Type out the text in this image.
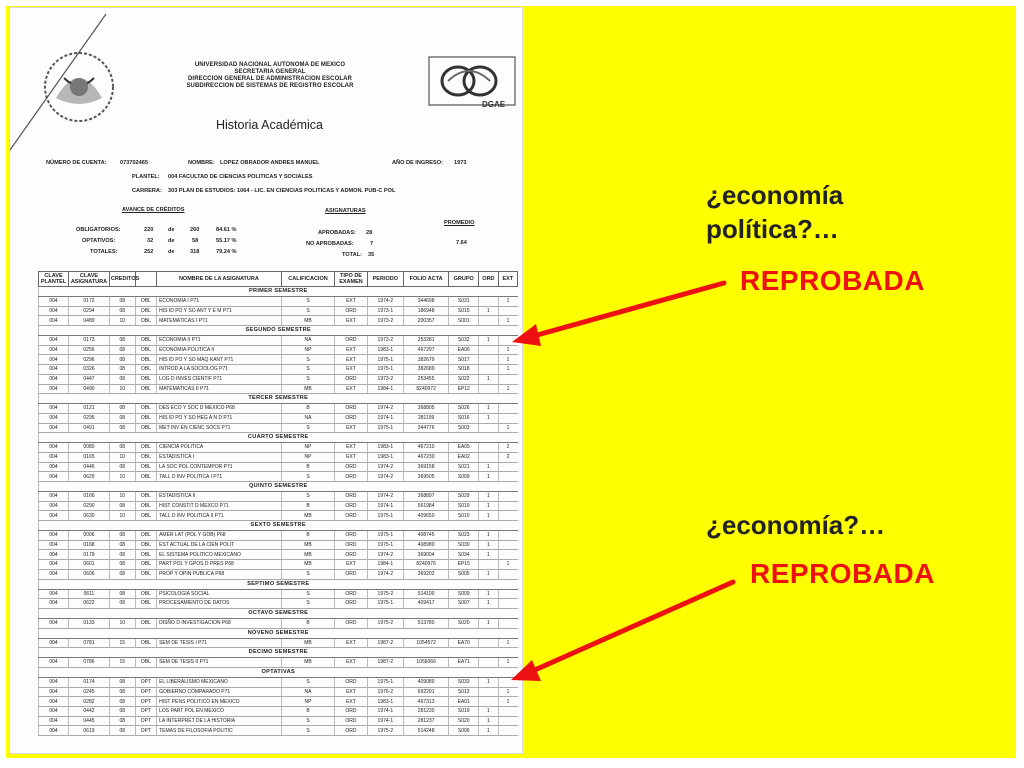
UNIVERSIDAD NACIONAL AUTONOMA DE MEXICO
SECRETARIA GENERAL
DIRECCION GENERAL DE ADMINISTRACION ESCOLAR
SUBDIRECCION DE SISTEMAS DE REGISTRO ESCOLAR
DGAE
Historia Académica
NÚMERO DE CUENTA: 073702465	NOMBRE: LOPEZ OBRADOR ANDRES MANUEL	AÑO DE INGRESO: 1973
PLANTEL: 004 FACULTAD DE CIENCIAS POLITICAS Y SOCIALES
CARRERA: 303 PLAN DE ESTUDIOS: 1064 - LIC. EN CIENCIAS POLITICAS Y ADMON. PUB-C POL
AVANCE DE CRÉDITOS
OBLIGATORIOS:	220	de	260	84.61 %
OPTATIVOS:	32	de	58	55.17 %
TOTALES:	252	de	318	79.24 %
ASIGNATURAS
APROBADAS: 28
NO APROBADAS:	7
TOTAL: 35
PROMEDIO
7.64
CLAVE PLANTEL	CLAVE ASIGNATURA	CREDITOS		NOMBRE DE LA ASIGNATURA	CALIFICACION	TIPO DE EXAMEN	PERIODO	FOLIO ACTA	GRUPO	ORD	EXT
PRIMER SEMESTRE											
004	0172	08	OBL	ECONOMIA I P71	S	EXT	1974-2	344698	S031		1
004	0294	08	OBL	HIS ID PO Y SO ANT Y E M P71	S	ORD	1973-1	186948	S015	1	
004	0489	10	OBL	MATEMATICAS I P71	MB	EXT	1973-2	200357	S001		1
SEGUNDO SEMESTRE											
004	0173	08	OBL	ECONOMIA II P71	NA	ORD	1973-2	253281	S032	1	
004	0256	08	OBL	ECONOMIA POLITICA II	NP	EXT	1983-1	467297	EA06		1
004	0296	08	OBL	HIS ID PO Y SO MAQ KANT P71	S	EXT	1975-1	382679	S017		1
004	0326	08	OBL	INTROD A LA SOCIOLOG P71	S	EXT	1975-1	382689	S018		1
004	0447	08	OBL	LOG D INVES CIENTIF P71	S	ORD	1973-2	253455	S022	1	
004	0490	10	OBL	MATEMATICAS II P71	MB	EXT	1984-1	8240972	EP12		1
TERCER SEMESTRE											
004	0121	08	OBL	DES ECO Y SOC D MEXICO P68	B	ORD	1974-2	368805	S026	1	
004	0295	08	OBL	HIS ID PO Y SO HEG A N D P71	NA	ORD	1974-1	281199	S016	1	
004	0491	08	OBL	MET INV EN CIENC SOCS P71	S	EXT	1975-1	344776	S003		1
CUARTO SEMESTRE											
004	0080	08	OBL	CIENCIA POLITICA	NP	EXT	1983-1	467210	EA05		2
004	0165	10	OBL	ESTADISTICA I	NP	EXT	1983-1	467230	EA02		2
004	0446	08	OBL	LA SOC POL CONTEMPOR P71	B	ORD	1974-2	369158	S021	1	
004	0629	10	OBL	TALL D INV POLITICA I P71	S	ORD	1974-2	369505	S009	1	
QUINTO SEMESTRE											
004	0166	10	OBL	ESTADISTICA II	S	ORD	1974-2	368897	S029	1	
004	0290	08	OBL	HIST CONSTIT D MEXCO P71	B	ORD	1974-1	561984	S019	1	
004	0630	10	OBL	TALL D INV POLITICA II P71	MB	ORD	1975-1	409650	S010	1	
SEXTO SEMESTRE											
004	0006	08	OBL	AMER LAT (POL Y GOB) P68	B	ORD	1975-1	408745	S023	1	
004	0168	08	OBL	EST ACTUAL DE LA CIEN POLIT	MB	ORD	1975-1	408980	S030	1	
004	0179	08	OBL	EL SISTEMA POLITICO MEXICANO	MB	ORD	1974-2	369004	S034	1	
004	0601	08	OBL	PART POL Y GPOS D PRES P68	MB	EXT	1984-1	8240976	EP15		1
004	0606	08	OBL	PROP Y OPIN PUBLICA P68	S	ORD	1974-2	369202	S005	1	
SEPTIMO SEMESTRE											
004	0611	08	OBL	PSICOLOGIA SOCIAL	S	ORD	1975-2	514100	S009	1	
004	0622	08	OBL	PROCESAMIENTO DE DATOS	S	ORD	1975-1	409417	S007	1	
OCTAVO SEMESTRE											
004	0133	10	OBL	DISÑO D INVESTIGACION P68	B	ORD	1975-2	513780	S020	1	
NOVENO SEMESTRE											
004	0781	15	OBL	SEM DE TESIS I P71	MB	EXT	1987-2	1054572	EA70		1
DECIMO SEMESTRE											
004	0786	15	OBL	SEM DE TESIS II P71	MB	EXT	1987-2	1056066	EA71		1
OPTATIVAS											
004	0174	08	OPT	EL LIBERALISMO MEXICANO	S	ORD	1975-1	409080	S033	1	
004	0245	08	OPT	GOBIERNO COMPARADO P71	NA	EXT	1976-2	692201	S012		1
004	0282	08	OPT	HIST PENS POLITICO EN MEXICO	NP	EXT	1983-1	467313	EA01		1
004	0442	08	OPT	LOS PART POL EN MEXICO	B	ORD	1974-1	281230	S019	1	
004	0445	08	OPT	LA INTERPRET DE LA HISTORIA	S	ORD	1974-1	281237	S020	1	
004	0619	08	OPT	TEMAS DE FILOSOFIA POLITIC	S	ORD	1975-2	514248	S006	1	
¿economía
política?…
REPROBADA
¿economía?…
REPROBADA
